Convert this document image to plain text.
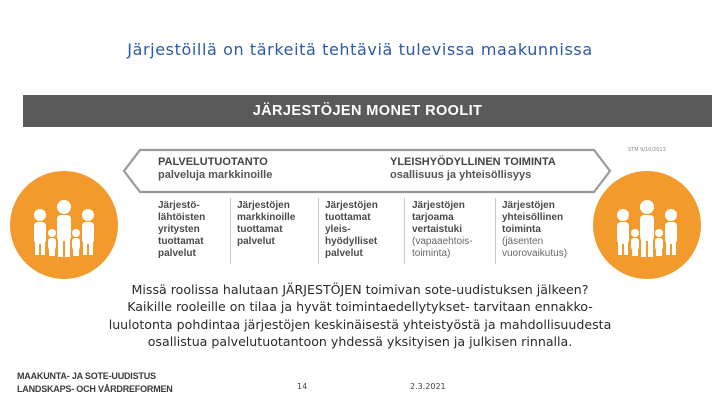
Järjestöillä on tärkeitä tehtäviä tulevissa maakunnissa
JÄRJESTÖJEN MONET ROOLIT
STM 9/10/2013
PALVELUTUOTANTO
palveluja markkinoille
YLEISHYÖDYLLINEN TOIMINTA
osallisuus ja yhteisöllisyys
Järjestö-
lähtöisten
yritysten
tuottamat
palvelut
Järjestöjen
markkinoille
tuottamat
palvelut
Järjestöjen
tuottamat
yleis-
hyödylliset
palvelut
Järjestöjen
tarjoama
vertaistuki
(vapaaehtois-
toiminta)
Järjestöjen
yhteisöllinen
toiminta
(jäsenten
vuorovaikutus)
Missä roolissa halutaan JÄRJESTÖJEN toimivan sote-uudistuksen jälkeen?
Kaikille rooleille on tilaa ja hyvät toimintaedellytykset- tarvitaan ennakko-
luulotonta pohdintaa järjestöjen keskinäisestä yhteistyöstä ja mahdollisuudesta
osallistua palvelutuotantoon yhdessä yksityisen ja julkisen rinnalla.
MAAKUNTA- JA SOTE-UUDISTUS
LANDSKAPS- OCH VÅRDREFORMEN	14	2.3.2021
